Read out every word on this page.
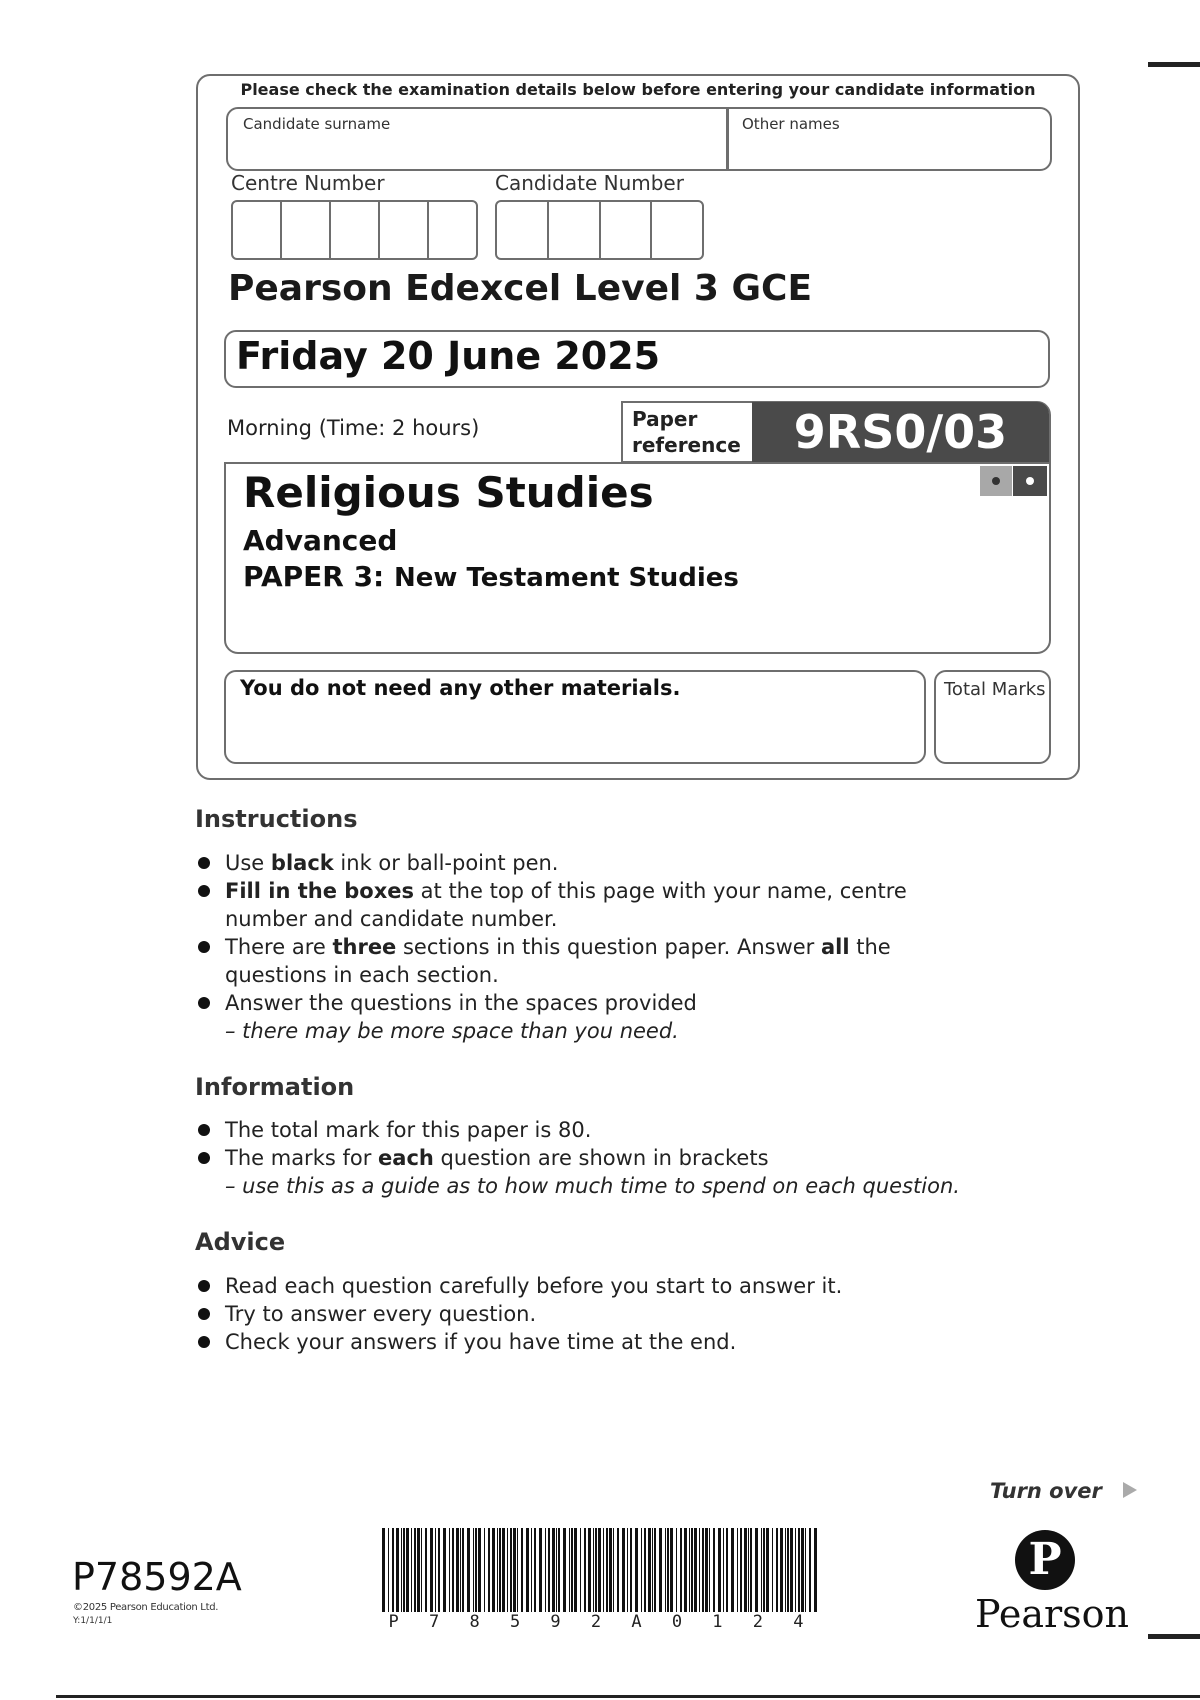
Please check the examination details below before entering your candidate information
Candidate surname	Other names
Centre Number	Candidate Number
Pearson Edexcel Level 3 GCE
Friday 20 June 2025
Morning (Time: 2 hours)	Paper
reference	9RS0/03
Religious Studies
Advanced
PAPER 3: New Testament Studies
You do not need any other materials.	Total Marks
Instructions
Use black ink or ball-point pen.
Fill in the boxes at the top of this page with your name, centre number and candidate number.
There are three sections in this question paper. Answer all the questions in each section.
Answer the questions in the spaces provided
– there may be more space than you need.
Information
The total mark for this paper is 80.
The marks for each question are shown in brackets
– use this as a guide as to how much time to spend on each question.
Advice
Read each question carefully before you start to answer it.
Try to answer every question.
Check your answers if you have time at the end.
Turn over
P78592A
©2025 Pearson Education Ltd.
Y:1/1/1/1	P 7 8 5 9 2 A 0 1 2 4
P
Pearson
